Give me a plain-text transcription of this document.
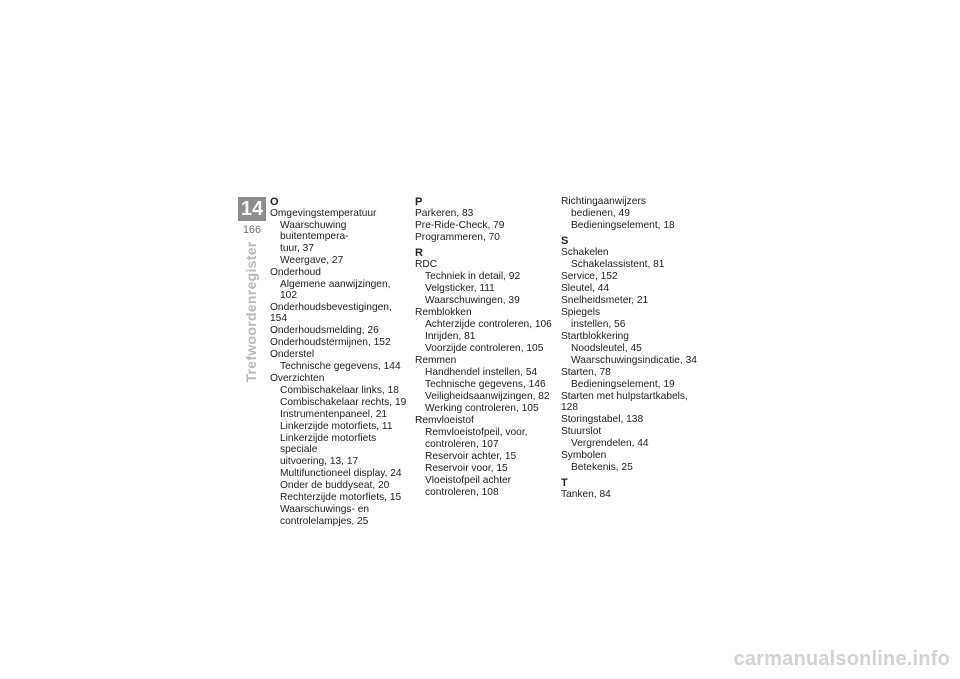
14
166
Trefwoordenregister
O
Omgevingstemperatuur
Waarschuwing buitentempera-
tuur, 37
Weergave, 27
Onderhoud
Algemene aanwijzingen, 102
Onderhoudsbevestigingen, 154
Onderhoudsmelding, 26
Onderhoudstermijnen, 152
Onderstel
Technische gegevens, 144
Overzichten
Combischakelaar links, 18
Combischakelaar rechts, 19
Instrumentenpaneel, 21
Linkerzijde motorfiets, 11
Linkerzijde motorfiets speciale
uitvoering, 13, 17
Multifunctioneel display, 24
Onder de buddyseat, 20
Rechterzijde motorfiets, 15
Waarschuwings- en
controlelampjes, 25
P
Parkeren, 83
Pre-Ride-Check, 79
Programmeren, 70
R
RDC
Techniek in detail, 92
Velgsticker, 111
Waarschuwingen, 39
Remblokken
Achterzijde controleren, 106
Inrijden, 81
Voorzijde controleren, 105
Remmen
Handhendel instellen, 54
Technische gegevens, 146
Veiligheidsaanwijzingen, 82
Werking controleren, 105
Remvloeistof
Remvloeistofpeil, voor,
controleren, 107
Reservoir achter, 15
Reservoir voor, 15
Vloeistofpeil achter
controleren, 108
Richtingaanwijzers
bedienen, 49
Bedieningselement, 18
S
Schakelen
Schakelassistent, 81
Service, 152
Sleutel, 44
Snelheidsmeter, 21
Spiegels
instellen, 56
Startblokkering
Noodsleutel, 45
Waarschuwingsindicatie, 34
Starten, 78
Bedieningselement, 19
Starten met hulpstartkabels, 128
Storingstabel, 138
Stuurslot
Vergrendelen, 44
Symbolen
Betekenis, 25
T
Tanken, 84
carmanualsonline.info
